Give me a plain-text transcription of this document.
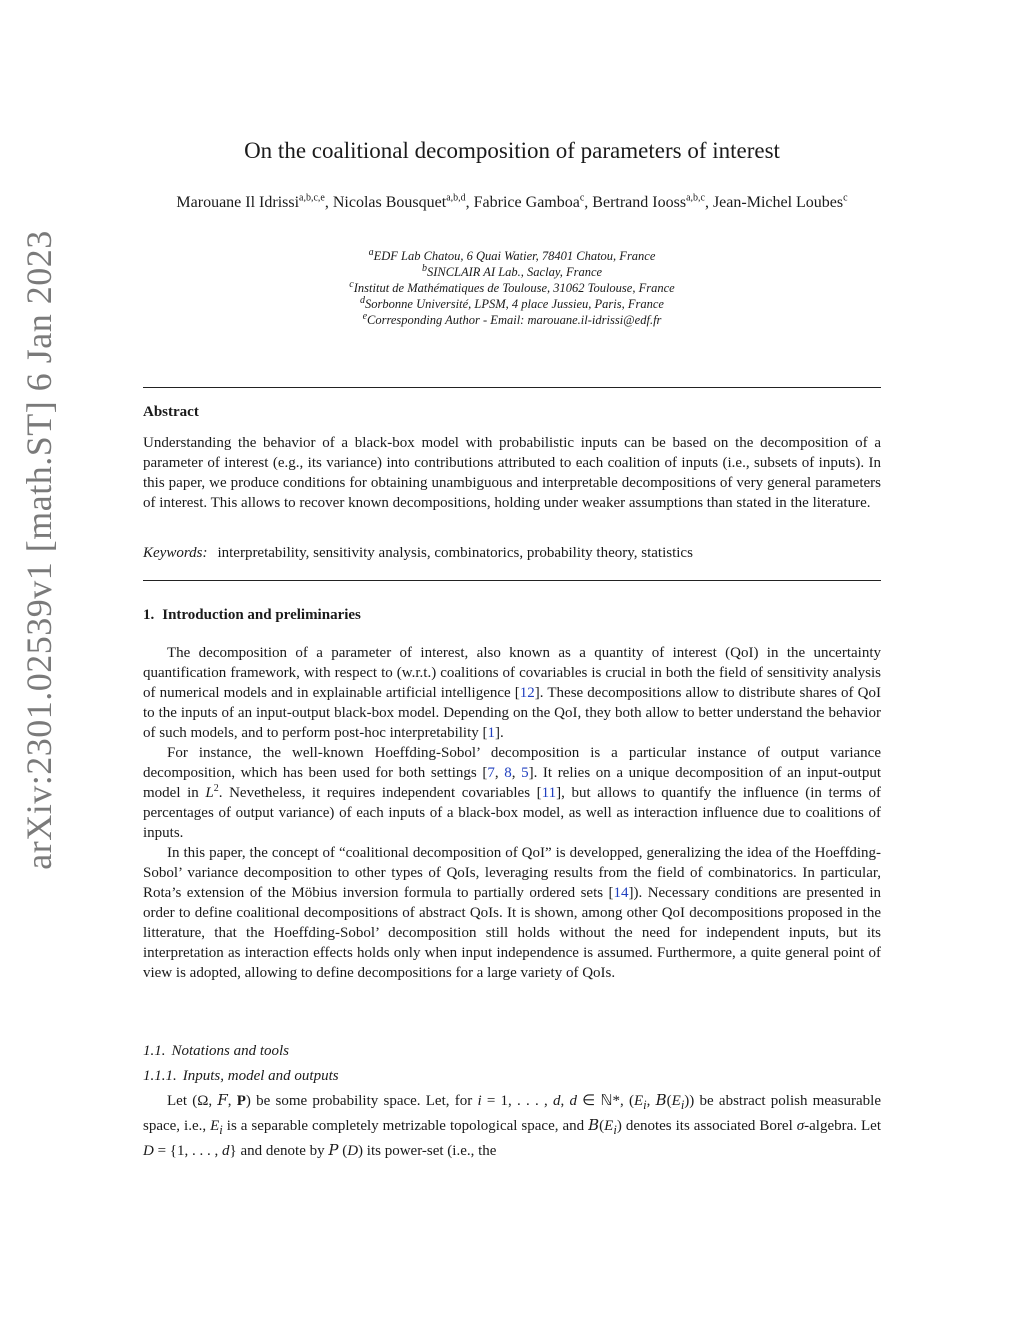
arXiv:2301.02539v1 [math.ST] 6 Jan 2023
On the coalitional decomposition of parameters of interest
Marouane Il Idrissi$^{a,b,c,e}$, Nicolas Bousquet$^{a,b,d}$, Fabrice Gamboa$^c$, Bertrand Iooss$^{a,b,c}$, Jean-Michel Loubes$^c$
$^a$EDF Lab Chatou, 6 Quai Watier, 78401 Chatou, France
$^b$SINCLAIR AI Lab., Saclay, France
$^c$Institut de Mathématiques de Toulouse, 31062 Toulouse, France
$^d$Sorbonne Université, LPSM, 4 place Jussieu, Paris, France
$^e$Corresponding Author - Email: marouane.il-idrissi@edf.fr
Abstract

Understanding the behavior of a black-box model with probabilistic inputs can be based on the decomposition of a parameter of interest (e.g., its variance) into contributions attributed to each coalition of inputs (i.e., subsets of inputs). In this paper, we produce conditions for obtaining unambiguous and interpretable decompositions of very general parameters of interest. This allows to recover known decompositions, holding under weaker assumptions than stated in the literature.

Keywords: interpretability, sensitivity analysis, combinatorics, probability theory, statistics
1. Introduction and preliminaries

The decomposition of a parameter of interest, also known as a quantity of interest (QoI) in the uncertainty quantification framework, with respect to (w.r.t.) coalitions of covariables is crucial in both the field of sensitivity analysis of numerical models and in explainable artificial intelligence [12]. These decompositions allow to distribute shares of QoI to the inputs of an input-output black-box model. Depending on the QoI, they both allow to better understand the behavior of such models, and to perform post-hoc interpretability [1].

For instance, the well-known Hoeffding-Sobol’ decomposition is a particular instance of output variance decomposition, which has been used for both settings [7, 8, 5]. It relies on a unique decomposition of an input-output model in $L^2$. Nevetheless, it requires independent covariables [11], but allows to quantify the influence (in terms of percentages of output variance) of each inputs of a black-box model, as well as interaction influence due to coalitions of inputs.

In this paper, the concept of “coalitional decomposition of QoI” is developped, generalizing the idea of the Hoeffding-Sobol’ variance decomposition to other types of QoIs, leveraging results from the field of combinatorics. In particular, Rota’s extension of the Möbius inversion formula to partially ordered sets [14]). Necessary conditions are presented in order to define coalitional decompositions of abstract QoIs. It is shown, among other QoI decompositions proposed in the litterature, that the Hoeffding-Sobol’ decomposition still holds without the need for independent inputs, but its interpretation as interaction effects holds only when input independence is assumed. Furthermore, a quite general point of view is adopted, allowing to define decompositions for a large variety of QoIs.

1.1. Notations and tools
1.1.1. Inputs, model and outputs

Let (Ω, F, P) be some probability space. Let, for i = 1, . . . , d, d ∈ ℕ*, ($E_i$, $B(E_i)$) be abstract polish measurable space, i.e., $E_i$ is a separable completely metrizable topological space, and $B(E_i)$ denotes its associated Borel σ-algebra. Let D = {1, . . . , d} and denote by P (D) its power-set (i.e., the
